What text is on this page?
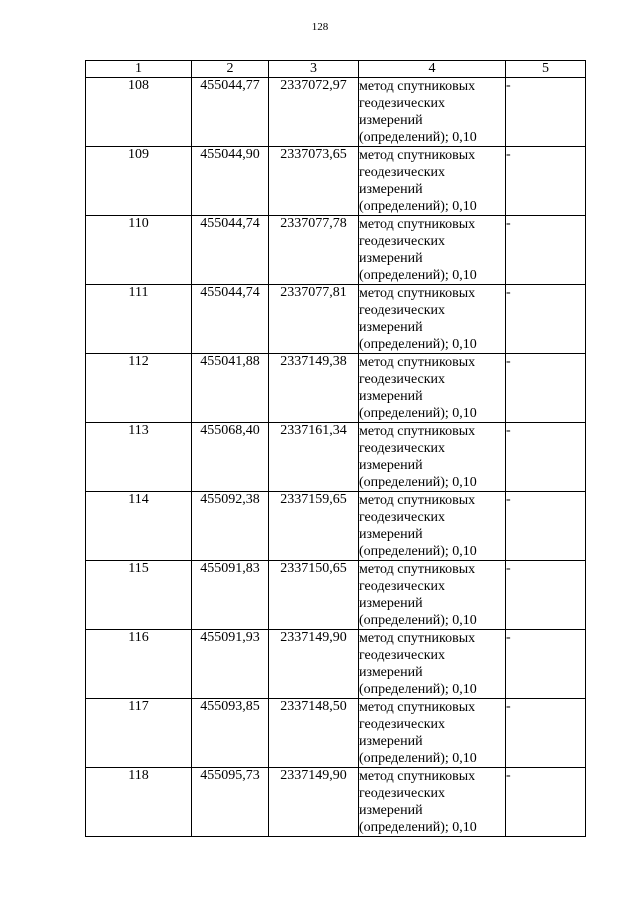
128
1	2	3	4	5
108	455044,77	2337072,97	метод спутниковых геодезических измерений (определений); 0,10	-
109	455044,90	2337073,65	метод спутниковых геодезических измерений (определений); 0,10	-
110	455044,74	2337077,78	метод спутниковых геодезических измерений (определений); 0,10	-
111	455044,74	2337077,81	метод спутниковых геодезических измерений (определений); 0,10	-
112	455041,88	2337149,38	метод спутниковых геодезических измерений (определений); 0,10	-
113	455068,40	2337161,34	метод спутниковых геодезических измерений (определений); 0,10	-
114	455092,38	2337159,65	метод спутниковых геодезических измерений (определений); 0,10	-
115	455091,83	2337150,65	метод спутниковых геодезических измерений (определений); 0,10	-
116	455091,93	2337149,90	метод спутниковых геодезических измерений (определений); 0,10	-
117	455093,85	2337148,50	метод спутниковых геодезических измерений (определений); 0,10	-
118	455095,73	2337149,90	метод спутниковых геодезических измерений (определений); 0,10	-
